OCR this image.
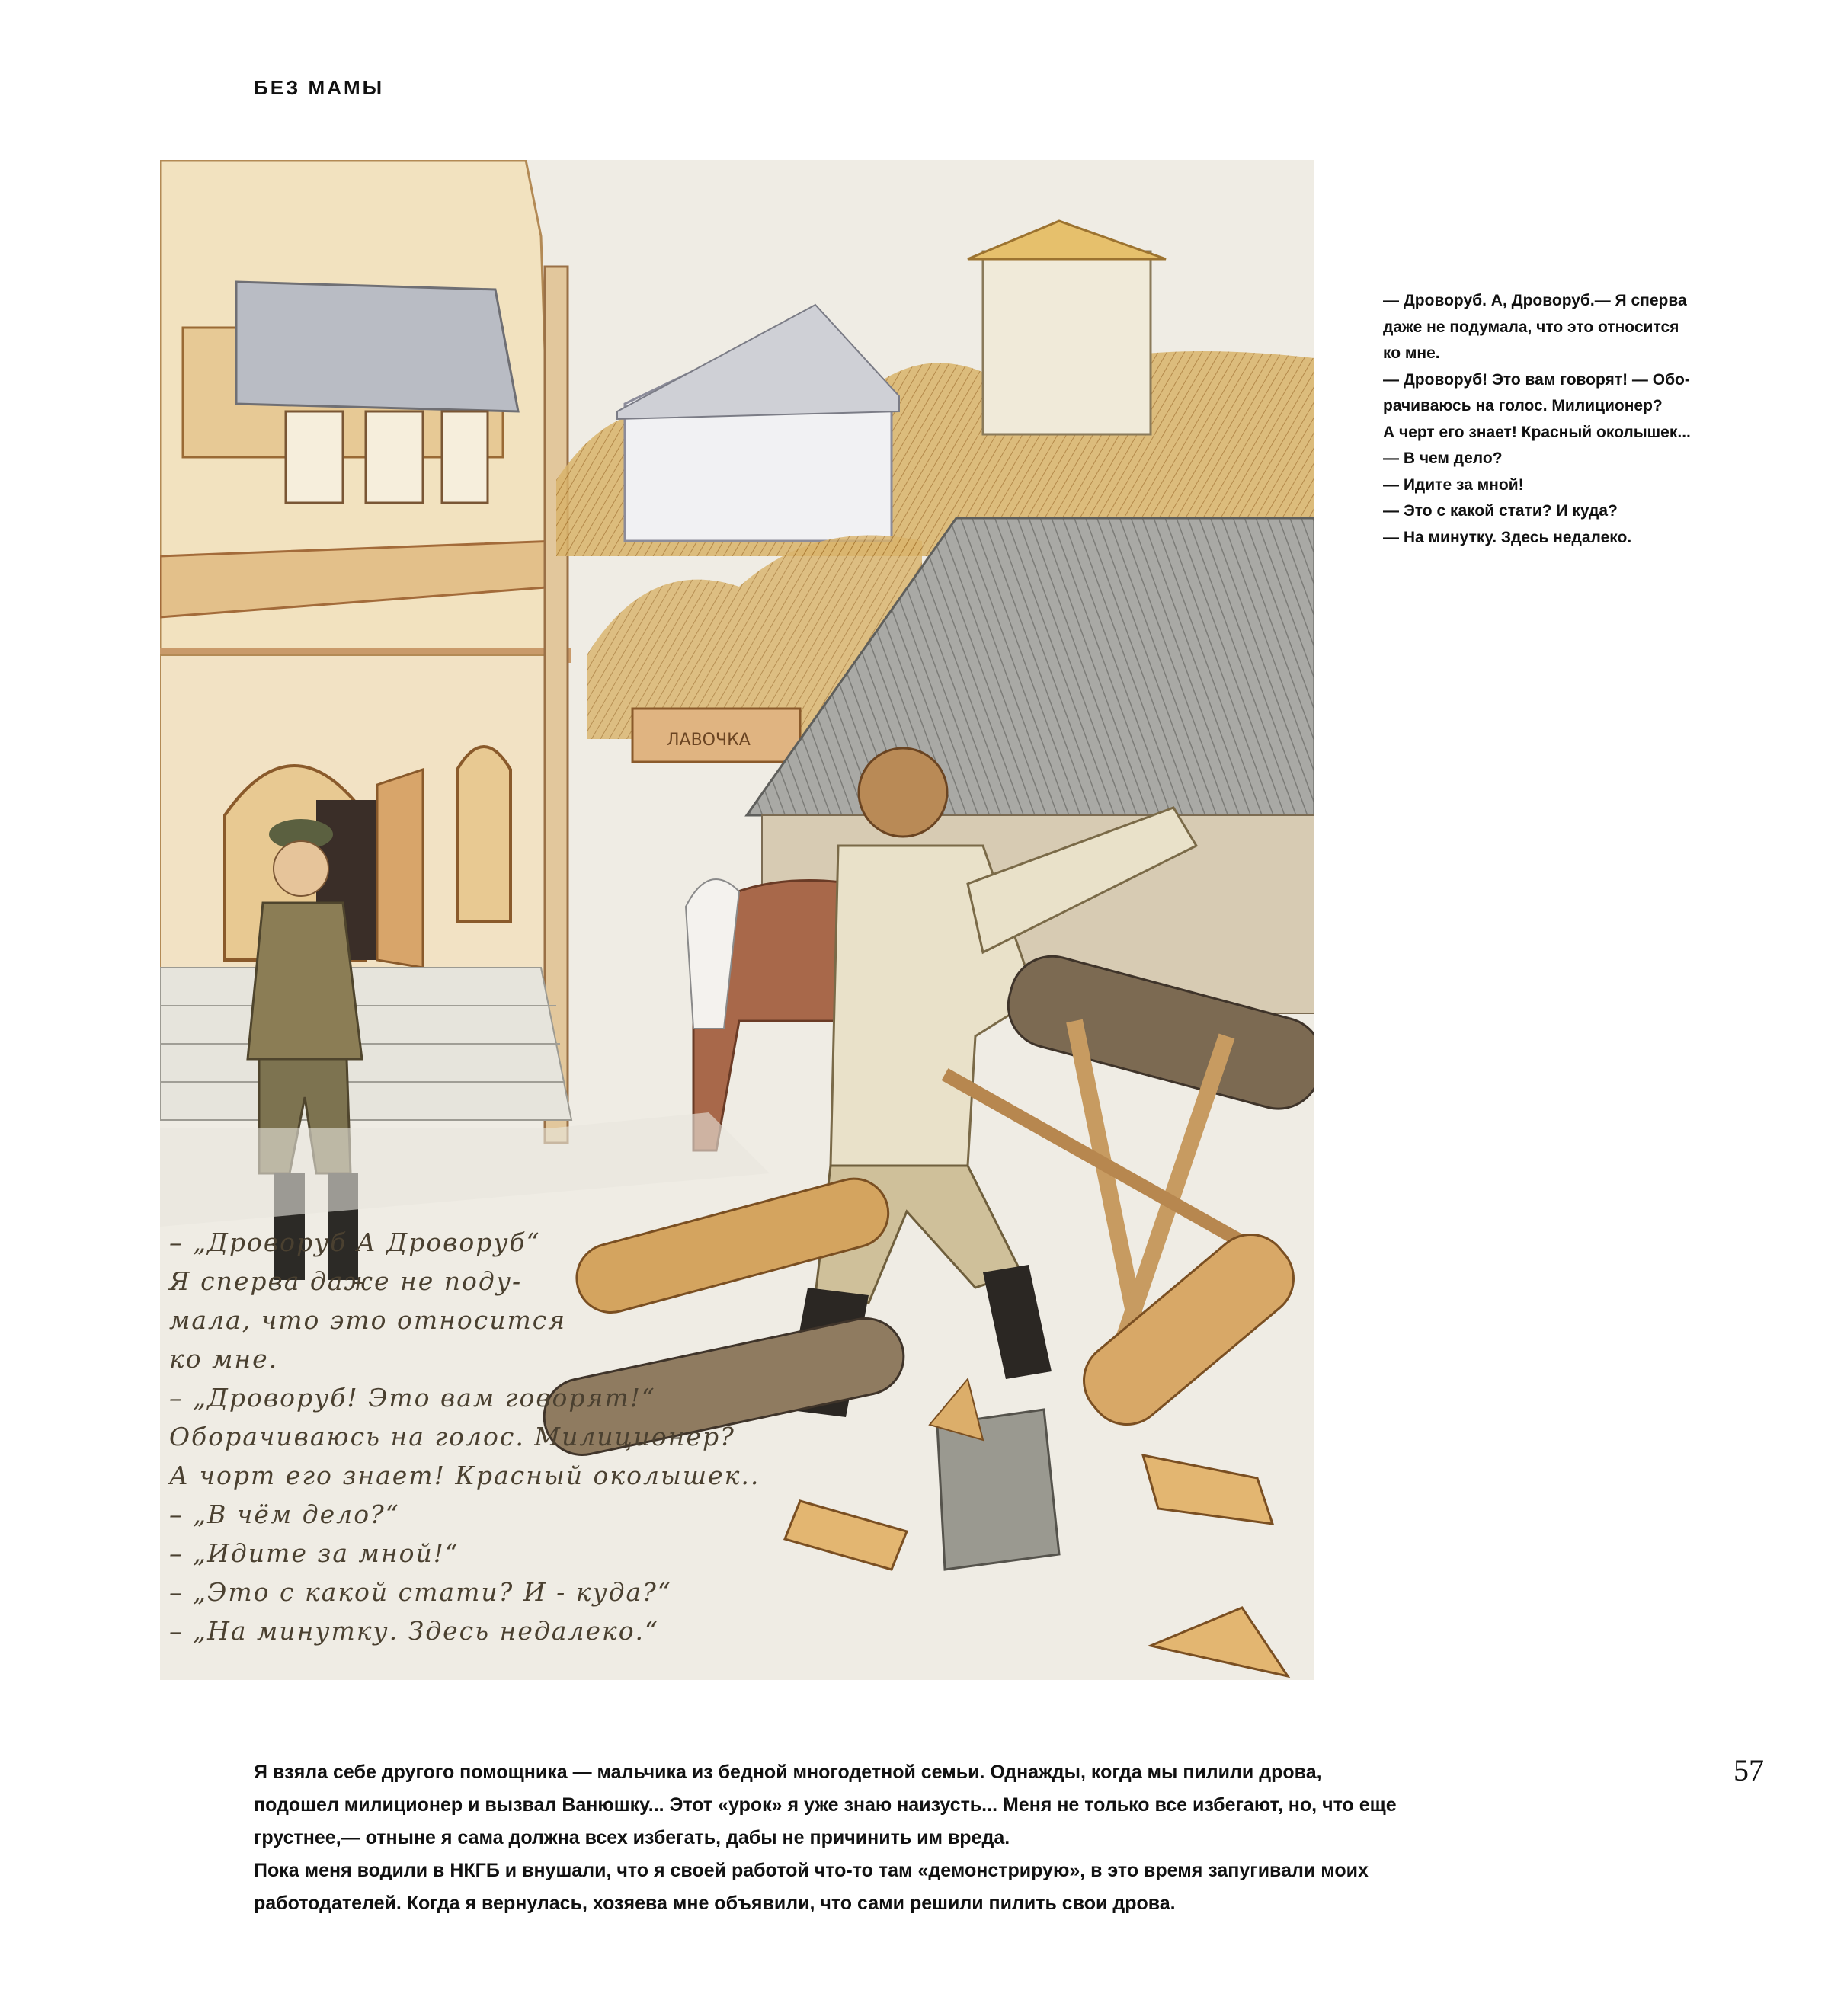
БЕЗ МАМЫ
ЛАВОЧКА
– „Дроворуб А Дроворуб“
Я сперва даже не поду-
мала, что это относится
ко мне.
– „Дроворуб! Это вам говорят!“
Оборачиваюсь на голос. Милиционер?
А чорт его знает! Красный околышек..
– „В чём дело?“
– „Идите за мной!“
– „Это с какой стати? И - куда?“
– „На минутку. Здесь недалеко.“
— Дроворуб. А, Дроворуб.— Я сперва
даже не подумала, что это относится
ко мне.
— Дроворуб! Это вам говорят! — Обо-
рачиваюсь на голос. Милиционер?
А черт его знает! Красный околышек...
— В чем дело?
— Идите за мной!
— Это с какой стати? И куда?
— На минутку. Здесь недалеко.
57
Я взяла себе другого помощника — мальчика из бедной многодетной семьи. Однажды, когда мы пилили дрова,
подошел милиционер и вызвал Ванюшку... Этот «урок» я уже знаю наизусть... Меня не только все избегают, но, что еще
грустнее,— отныне я сама должна всех избегать, дабы не причинить им вреда.
Пока меня водили в НКГБ и внушали, что я своей работой что-то там «демонстрирую», в это время запугивали моих
работодателей. Когда я вернулась, хозяева мне объявили, что сами решили пилить свои дрова.
